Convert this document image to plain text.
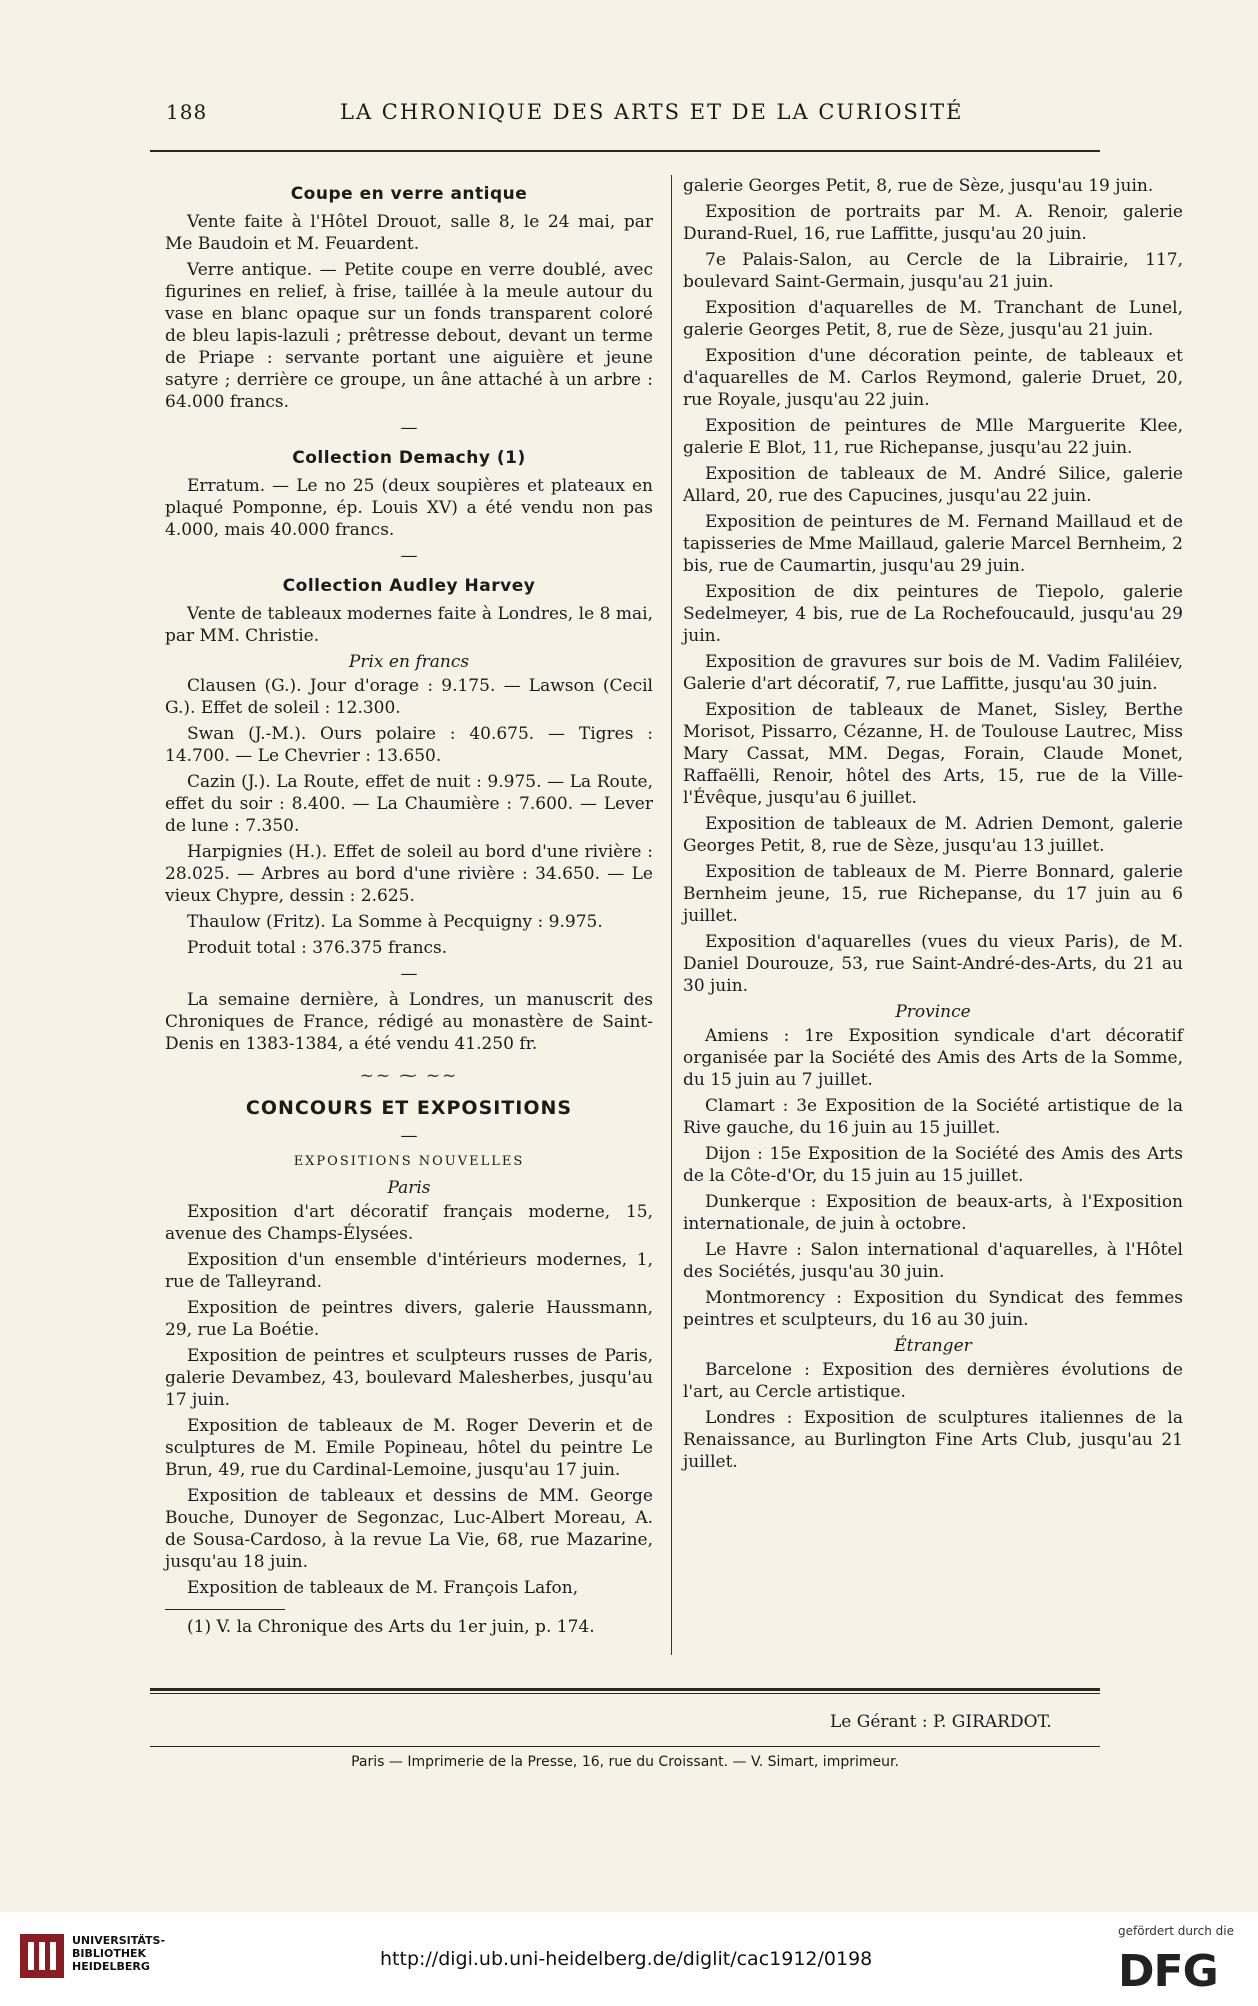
188	LA CHRONIQUE DES ARTS ET DE LA CURIOSITÉ

Coupe en verre antique

Vente faite à l'Hôtel Drouot, salle 8, le 24 mai, par Me Baudoin et M. Feuardent.

Verre antique. — Petite coupe en verre doublé, avec figurines en relief, à frise, taillée à la meule autour du vase en blanc opaque sur un fonds transparent coloré de bleu lapis-lazuli ; prêtresse debout, devant un terme de Priape : servante portant une aiguière et jeune satyre ; derrière ce groupe, un âne attaché à un arbre : 64.000 francs.

—

Collection Demachy (1)

Erratum. — Le no 25 (deux soupières et plateaux en plaqué Pomponne, ép. Louis XV) a été vendu non pas 4.000, mais 40.000 francs.

—

Collection Audley Harvey

Vente de tableaux modernes faite à Londres, le 8 mai, par MM. Christie.

Prix en francs

Clausen (G.). Jour d'orage : 9.175. — Lawson (Cecil G.). Effet de soleil : 12.300.

Swan (J.-M.). Ours polaire : 40.675. — Tigres : 14.700. — Le Chevrier : 13.650.

Cazin (J.). La Route, effet de nuit : 9.975. — La Route, effet du soir : 8.400. — La Chaumière : 7.600. — Lever de lune : 7.350.

Harpignies (H.). Effet de soleil au bord d'une rivière : 28.025. — Arbres au bord d'une rivière : 34.650. — Le vieux Chypre, dessin : 2.625.

Thaulow (Fritz). La Somme à Pecquigny : 9.975.

Produit total : 376.375 francs.

—

La semaine dernière, à Londres, un manuscrit des Chroniques de France, rédigé au monastère de Saint-Denis en 1383-1384, a été vendu 41.250 fr.

~~ ⁓ ~~

CONCOURS ET EXPOSITIONS

—

EXPOSITIONS NOUVELLES

Paris

Exposition d'art décoratif français moderne, 15, avenue des Champs-Élysées.

Exposition d'un ensemble d'intérieurs modernes, 1, rue de Talleyrand.

Exposition de peintres divers, galerie Haussmann, 29, rue La Boétie.

Exposition de peintres et sculpteurs russes de Paris, galerie Devambez, 43, boulevard Malesherbes, jusqu'au 17 juin.

Exposition de tableaux de M. Roger Deverin et de sculptures de M. Emile Popineau, hôtel du peintre Le Brun, 49, rue du Cardinal-Lemoine, jusqu'au 17 juin.

Exposition de tableaux et dessins de MM. George Bouche, Dunoyer de Segonzac, Luc-Albert Moreau, A. de Sousa-Cardoso, à la revue La Vie, 68, rue Mazarine, jusqu'au 18 juin.

Exposition de tableaux de M. François Lafon,

(1) V. la Chronique des Arts du 1er juin, p. 174.

galerie Georges Petit, 8, rue de Sèze, jusqu'au 19 juin.

Exposition de portraits par M. A. Renoir, galerie Durand-Ruel, 16, rue Laffitte, jusqu'au 20 juin.

7e Palais-Salon, au Cercle de la Librairie, 117, boulevard Saint-Germain, jusqu'au 21 juin.

Exposition d'aquarelles de M. Tranchant de Lunel, galerie Georges Petit, 8, rue de Sèze, jusqu'au 21 juin.

Exposition d'une décoration peinte, de tableaux et d'aquarelles de M. Carlos Reymond, galerie Druet, 20, rue Royale, jusqu'au 22 juin.

Exposition de peintures de Mlle Marguerite Klee, galerie E Blot, 11, rue Richepanse, jusqu'au 22 juin.

Exposition de tableaux de M. André Silice, galerie Allard, 20, rue des Capucines, jusqu'au 22 juin.

Exposition de peintures de M. Fernand Maillaud et de tapisseries de Mme Maillaud, galerie Marcel Bernheim, 2 bis, rue de Caumartin, jusqu'au 29 juin.

Exposition de dix peintures de Tiepolo, galerie Sedelmeyer, 4 bis, rue de La Rochefoucauld, jusqu'au 29 juin.

Exposition de gravures sur bois de M. Vadim Faliléiev, Galerie d'art décoratif, 7, rue Laffitte, jusqu'au 30 juin.

Exposition de tableaux de Manet, Sisley, Berthe Morisot, Pissarro, Cézanne, H. de Toulouse Lautrec, Miss Mary Cassat, MM. Degas, Forain, Claude Monet, Raffaëlli, Renoir, hôtel des Arts, 15, rue de la Ville-l'Évêque, jusqu'au 6 juillet.

Exposition de tableaux de M. Adrien Demont, galerie Georges Petit, 8, rue de Sèze, jusqu'au 13 juillet.

Exposition de tableaux de M. Pierre Bonnard, galerie Bernheim jeune, 15, rue Richepanse, du 17 juin au 6 juillet.

Exposition d'aquarelles (vues du vieux Paris), de M. Daniel Dourouze, 53, rue Saint-André-des-Arts, du 21 au 30 juin.

Province

Amiens : 1re Exposition syndicale d'art décoratif organisée par la Société des Amis des Arts de la Somme, du 15 juin au 7 juillet.

Clamart : 3e Exposition de la Société artistique de la Rive gauche, du 16 juin au 15 juillet.

Dijon : 15e Exposition de la Société des Amis des Arts de la Côte-d'Or, du 15 juin au 15 juillet.

Dunkerque : Exposition de beaux-arts, à l'Exposition internationale, de juin à octobre.

Le Havre : Salon international d'aquarelles, à l'Hôtel des Sociétés, jusqu'au 30 juin.

Montmorency : Exposition du Syndicat des femmes peintres et sculpteurs, du 16 au 30 juin.

Étranger

Barcelone : Exposition des dernières évolutions de l'art, au Cercle artistique.

Londres : Exposition de sculptures italiennes de la Renaissance, au Burlington Fine Arts Club, jusqu'au 21 juillet.

Le Gérant : P. GIRARDOT.
Paris — Imprimerie de la Presse, 16, rue du Croissant. — V. Simart, imprimeur.
UNIVERSITÄTS-
BIBLIOTHEK
HEIDELBERG	http://digi.ub.uni-heidelberg.de/diglit/cac1912/0198
gefördert durch die
DFG
